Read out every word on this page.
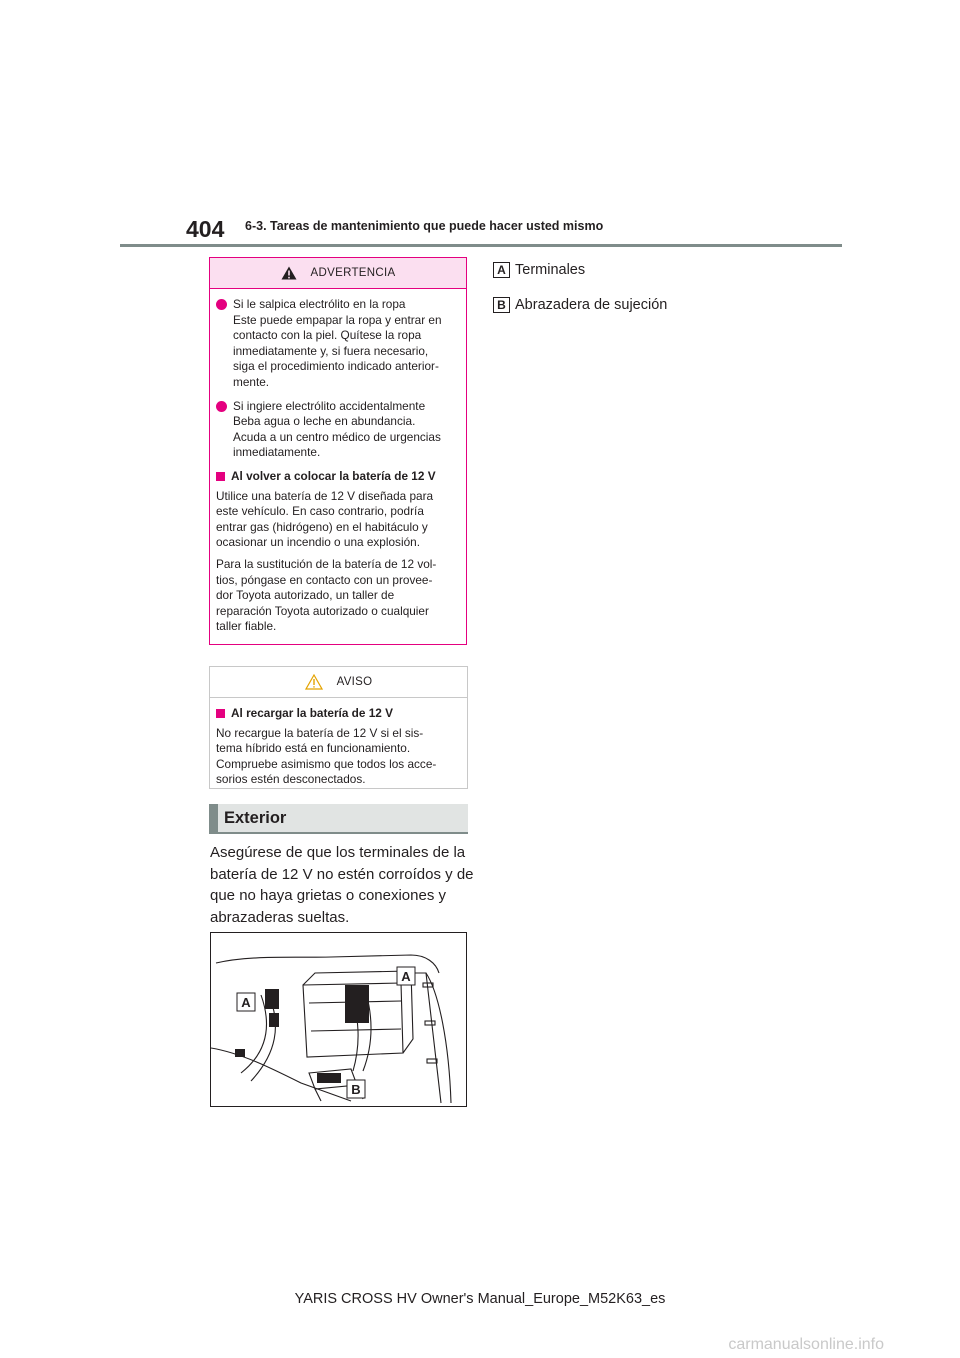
404 6-3. Tareas de mantenimiento que puede hacer usted mismo
ADVERTENCIA
Si le salpica electrólito en la ropa
Este puede empapar la ropa y entrar en
contacto con la piel. Quítese la ropa
inmediatamente y, si fuera necesario,
siga el procedimiento indicado anterior-
mente.
Si ingiere electrólito accidentalmente
Beba agua o leche en abundancia.
Acuda a un centro médico de urgencias
inmediatamente.
Al volver a colocar la batería de 12 V
Utilice una batería de 12 V diseñada para
este vehículo. En caso contrario, podría
entrar gas (hidrógeno) en el habitáculo y
ocasionar un incendio o una explosión.
Para la sustitución de la batería de 12 vol-
tios, póngase en contacto con un provee-
dor Toyota autorizado, un taller de
reparación Toyota autorizado o cualquier
taller fiable.
AVISO
Al recargar la batería de 12 V
No recargue la batería de 12 V si el sis-
tema híbrido está en funcionamiento.
Compruebe asimismo que todos los acce-
sorios estén desconectados.
Exterior
Asegúrese de que los terminales de la
batería de 12 V no estén corroídos y de
que no haya grietas o conexiones y
abrazaderas sueltas.
A
A
B
A Terminales
B Abrazadera de sujeción
YARIS CROSS HV Owner's Manual_Europe_M52K63_es
carmanualsonline.info
